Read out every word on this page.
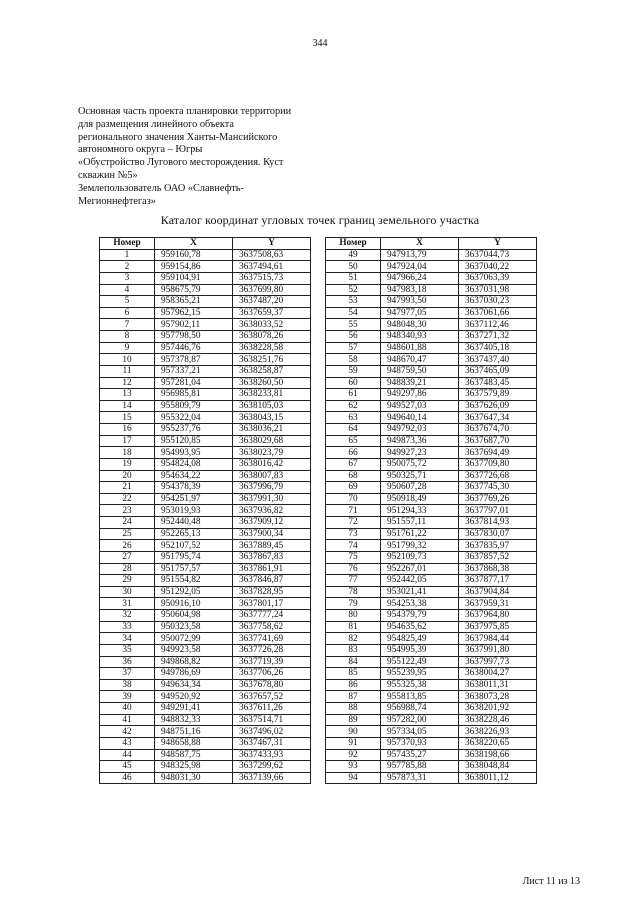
344
Основная часть проекта планировки территории
для размещения линейного объекта
регионального значения Ханты-Мансийского
автономного округа – Югры
«Обустройство Лугового месторождения. Куст
скважин №5»
Землепользователь ОАО «Славнефть-
Мегионнефтегаз»
Каталог координат угловых точек границ земельного участка
Номер	X	Y
1	959160,78	3637508,63
2	959154,86	3637494,61
3	959104,91	3637515,73
4	958675,79	3637699,80
5	958365,21	3637487,20
6	957962,15	3637659,37
7	957902,11	3638033,52
8	957798,50	3638078,26
9	957446,76	3638228,58
10	957378,87	3638251,76
11	957337,21	3638258,87
12	957281,04	3638260,50
13	956985,81	3638233,81
14	955809,79	3638105,03
15	955322,04	3638043,15
16	955237,76	3638036,21
17	955120,85	3638029,68
18	954993,95	3638023,79
19	954824,08	3638016,42
20	954634,22	3638007,83
21	954378,39	3637996,79
22	954251,97	3637991,30
23	953019,93	3637936,82
24	952440,48	3637909,12
25	952265,13	3637900,34
26	952107,52	3637889,45
27	951795,74	3637867,83
28	951757,57	3637861,91
29	951554,82	3637846,87
30	951292,05	3637828,95
31	950916,10	3637801,17
32	950604,98	3637777,24
33	950323,58	3637758,62
34	950072,99	3637741,69
35	949923,58	3637726,28
36	949868,82	3637719,39
37	949786,69	3637706,26
38	949634,34	3637678,80
39	949520,92	3637657,52
40	949291,41	3637611,26
41	948832,33	3637514,71
42	948751,16	3637496,02
43	948658,88	3637467,31
44	948587,75	3637433,93
45	948325,98	3637299,62
46	948031,30	3637139,66
Номер	X	Y
49	947913,79	3637044,73
50	947924,04	3637040,22
51	947966,24	3637063,39
52	947983,18	3637031,98
53	947993,50	3637030,23
54	947977,05	3637061,66
55	948048,30	3637112,46
56	948340,93	3637271,32
57	948601,88	3637405,18
58	948670,47	3637437,40
59	948759,50	3637465,09
60	948839,21	3637483,45
61	949297,86	3637579,89
62	949527,03	3637626,09
63	949640,14	3637647,34
64	949792,03	3637674,70
65	949873,36	3637687,70
66	949927,23	3637694,49
67	950075,72	3637709,80
68	950325,71	3637726,68
69	950607,28	3637745,30
70	950918,49	3637769,26
71	951294,33	3637797,01
72	951557,11	3637814,93
73	951761,22	3637830,07
74	951799,32	3637835,97
75	952109,73	3637857,52
76	952267,01	3637868,38
77	952442,05	3637877,17
78	953021,41	3637904,84
79	954253,38	3637959,31
80	954379,79	3637964,80
81	954635,62	3637975,85
82	954825,49	3637984,44
83	954995,39	3637991,80
84	955122,49	3637997,73
85	955239,95	3638004,27
86	955325,38	3638011,31
87	955813,85	3638073,28
88	956988,74	3638201,92
89	957282,00	3638228,46
90	957334,05	3638226,93
91	957370,93	3638220,65
92	957435,27	3638198,66
93	957785,88	3638048,84
94	957873,31	3638011,12
Лист 11 из 13
